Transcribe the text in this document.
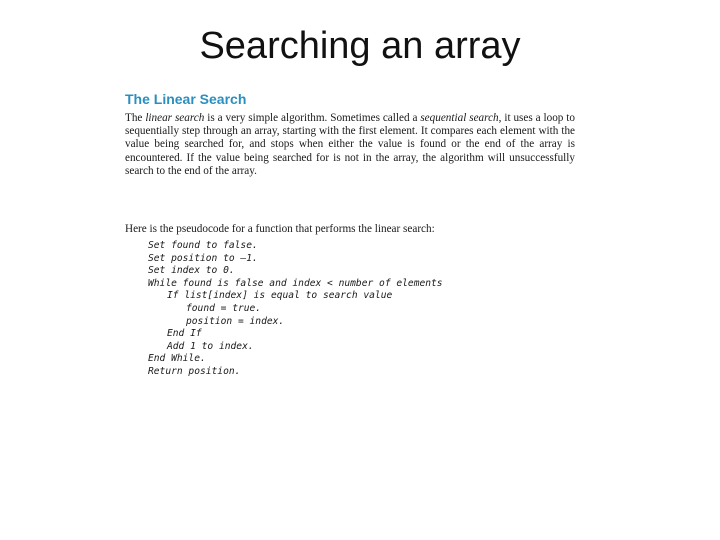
Searching an array
The Linear Search

The linear search is a very simple algorithm. Sometimes called a sequential search, it uses a loop to sequentially step through an array, starting with the first element. It compares each element with the value being searched for, and stops when either the value is found or the end of the array is encountered. If the value being searched for is not in the array, the algorithm will unsuccessfully search to the end of the array.

Here is the pseudocode for a function that performs the linear search:
Set found to false.
Set position to –1.
Set index to 0.
While found is false and index < number of elements
If list[index] is equal to search value
found = true.
position = index.
End If
Add 1 to index.
End While.
Return position.
